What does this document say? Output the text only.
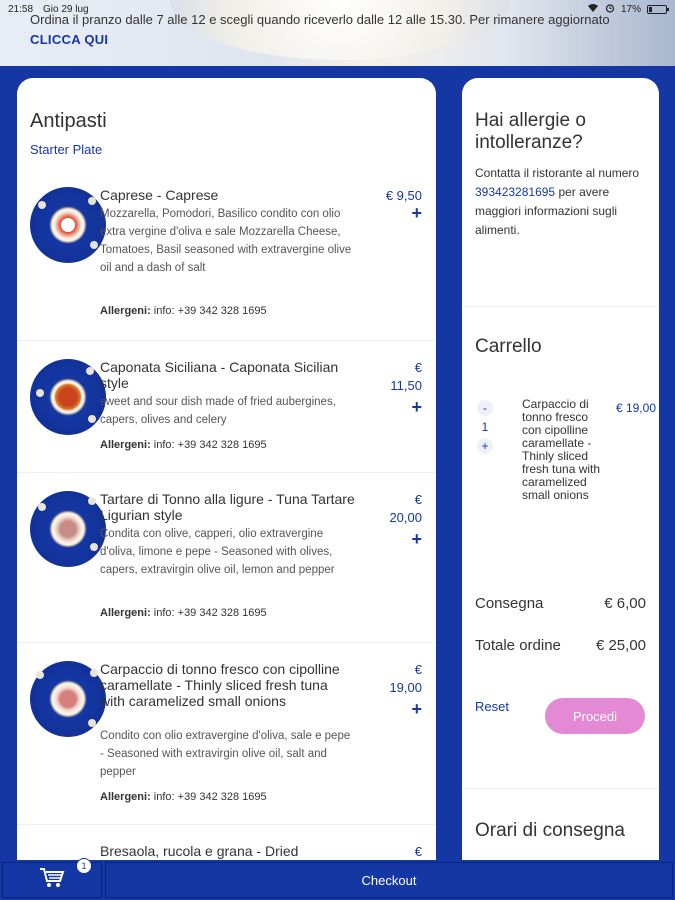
21:58 Gio 29 lug	17%
Ordina il pranzo dalle 7 alle 12 e scegli quando riceverlo dalle 12 alle 15.30. Per rimanere aggiornato
CLICCA QUI
Antipasti
Starter Plate
Caprese - Caprese
Mozzarella, Pomodori, Basilico condito con olio extra vergine d'oliva e sale Mozzarella Cheese, Tomatoes, Basil seasoned with extravergine olive oil and a dash of salt
Allergeni: info: +39 342 328 1695
€ 9,50
+
Caponata Siciliana - Caponata Sicilian style
sweet and sour dish made of fried aubergines, capers, olives and celery
Allergeni: info: +39 342 328 1695
€ 11,50
+
Tartare di Tonno alla ligure - Tuna Tartare Ligurian style
Condita con olive, capperi, olio extravergine d'oliva, limone e pepe - Seasoned with olives, capers, extravirgin olive oil, lemon and pepper
Allergeni: info: +39 342 328 1695
€ 20,00
+
Carpaccio di tonno fresco con cipolline caramellate - Thinly sliced fresh tuna with caramelized small onions
Condito con olio extravergine d'oliva, sale e pepe - Seasoned with extravirgin olive oil, salt and pepper
Allergeni: info: +39 342 328 1695
€ 19,00
+
Bresaola, rucola e grana - Dried	€
Hai allergie o intolleranze?
Contatta il ristorante al numero 393423281695 per avere maggiori informazioni sugli alimenti.
Carrello
-
1
+
Carpaccio di tonno fresco con cipolline caramellate - Thinly sliced fresh tuna with caramelized small onions
€ 19,00
Consegna	€ 6,00
Totale ordine	€ 25,00
Reset
Procedi
Orari di consegna
1
Checkout
